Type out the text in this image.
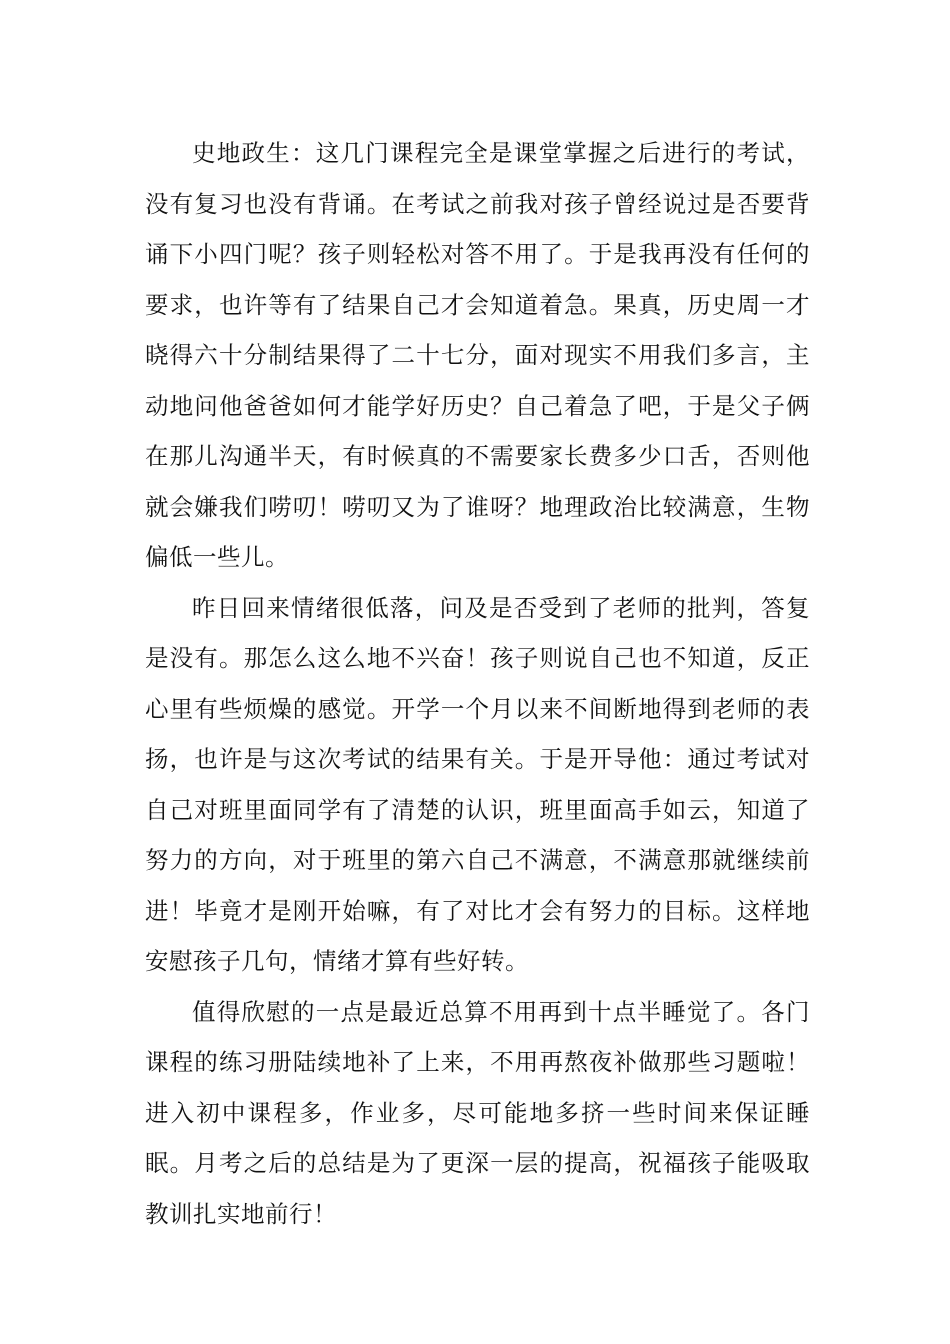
史地政生：这几门课程完全是课堂掌握之后进行的考试，没有复习也没有背诵。在考试之前我对孩子曾经说过是否要背诵下小四门呢？孩子则轻松对答不用了。于是我再没有任何的要求，也许等有了结果自己才会知道着急。果真，历史周一才晓得六十分制结果得了二十七分，面对现实不用我们多言，主动地问他爸爸如何才能学好历史？自己着急了吧，于是父子俩在那儿沟通半天，有时候真的不需要家长费多少口舌，否则他就会嫌我们唠叨！唠叨又为了谁呀？地理政治比较满意，生物偏低一些儿。

昨日回来情绪很低落，问及是否受到了老师的批判，答复是没有。那怎么这么地不兴奋！孩子则说自己也不知道，反正心里有些烦燥的感觉。开学一个月以来不间断地得到老师的表扬，也许是与这次考试的结果有关。于是开导他：通过考试对自己对班里面同学有了清楚的认识，班里面高手如云，知道了努力的方向，对于班里的第六自己不满意，不满意那就继续前进！毕竟才是刚开始嘛，有了对比才会有努力的目标。这样地安慰孩子几句，情绪才算有些好转。

值得欣慰的一点是最近总算不用再到十点半睡觉了。各门课程的练习册陆续地补了上来，不用再熬夜补做那些习题啦！进入初中课程多，作业多，尽可能地多挤一些时间来保证睡眠。月考之后的总结是为了更深一层的提高，祝福孩子能吸取教训扎实地前行！
